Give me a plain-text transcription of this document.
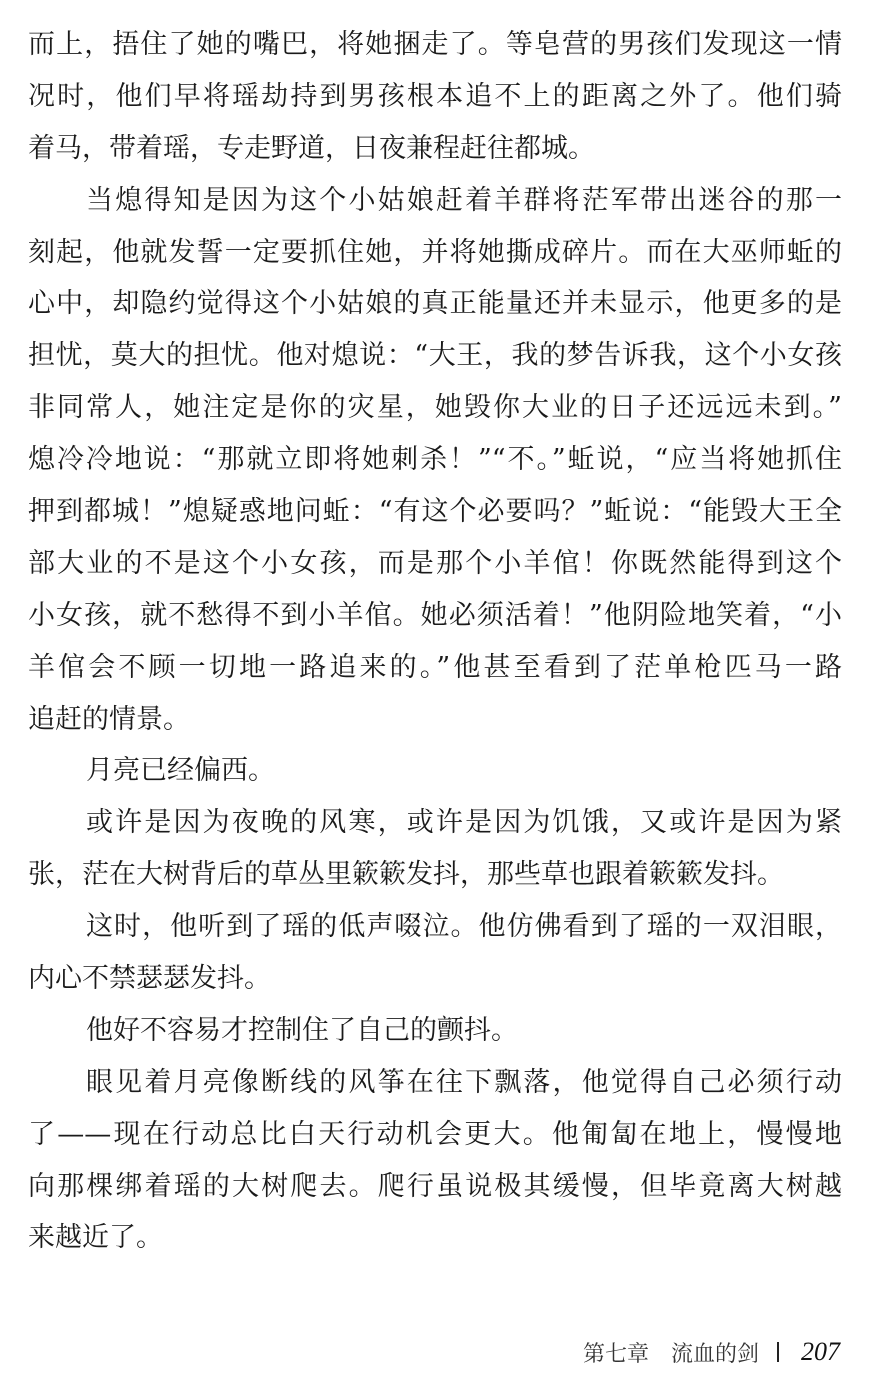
而上，捂住了她的嘴巴，将她捆走了。等皂营的男孩们发现这一情
况时，他们早将瑶劫持到男孩根本追不上的距离之外了。他们骑
着马，带着瑶，专走野道，日夜兼程赶往都城。
当熄得知是因为这个小姑娘赶着羊群将茫军带出迷谷的那一
刻起，他就发誓一定要抓住她，并将她撕成碎片。而在大巫师蚯的
心中，却隐约觉得这个小姑娘的真正能量还并未显示，他更多的是
担忧，莫大的担忧。他对熄说：“大王，我的梦告诉我，这个小女孩
非同常人，她注定是你的灾星，她毁你大业的日子还远远未到。”
熄冷冷地说：“那就立即将她刺杀！”“不。”蚯说，“应当将她抓住
押到都城！”熄疑惑地问蚯：“有这个必要吗？”蚯说：“能毁大王全
部大业的不是这个小女孩，而是那个小羊倌！你既然能得到这个
小女孩，就不愁得不到小羊倌。她必须活着！”他阴险地笑着，“小
羊倌会不顾一切地一路追来的。”他甚至看到了茫单枪匹马一路
追赶的情景。
月亮已经偏西。
或许是因为夜晚的风寒，或许是因为饥饿，又或许是因为紧
张，茫在大树背后的草丛里簌簌发抖，那些草也跟着簌簌发抖。
这时，他听到了瑶的低声啜泣。他仿佛看到了瑶的一双泪眼，
内心不禁瑟瑟发抖。
他好不容易才控制住了自己的颤抖。
眼见着月亮像断线的风筝在往下飘落，他觉得自己必须行动
了——现在行动总比白天行动机会更大。他匍匐在地上，慢慢地
向那棵绑着瑶的大树爬去。爬行虽说极其缓慢，但毕竟离大树越
来越近了。
第七章 流血的剑 207
